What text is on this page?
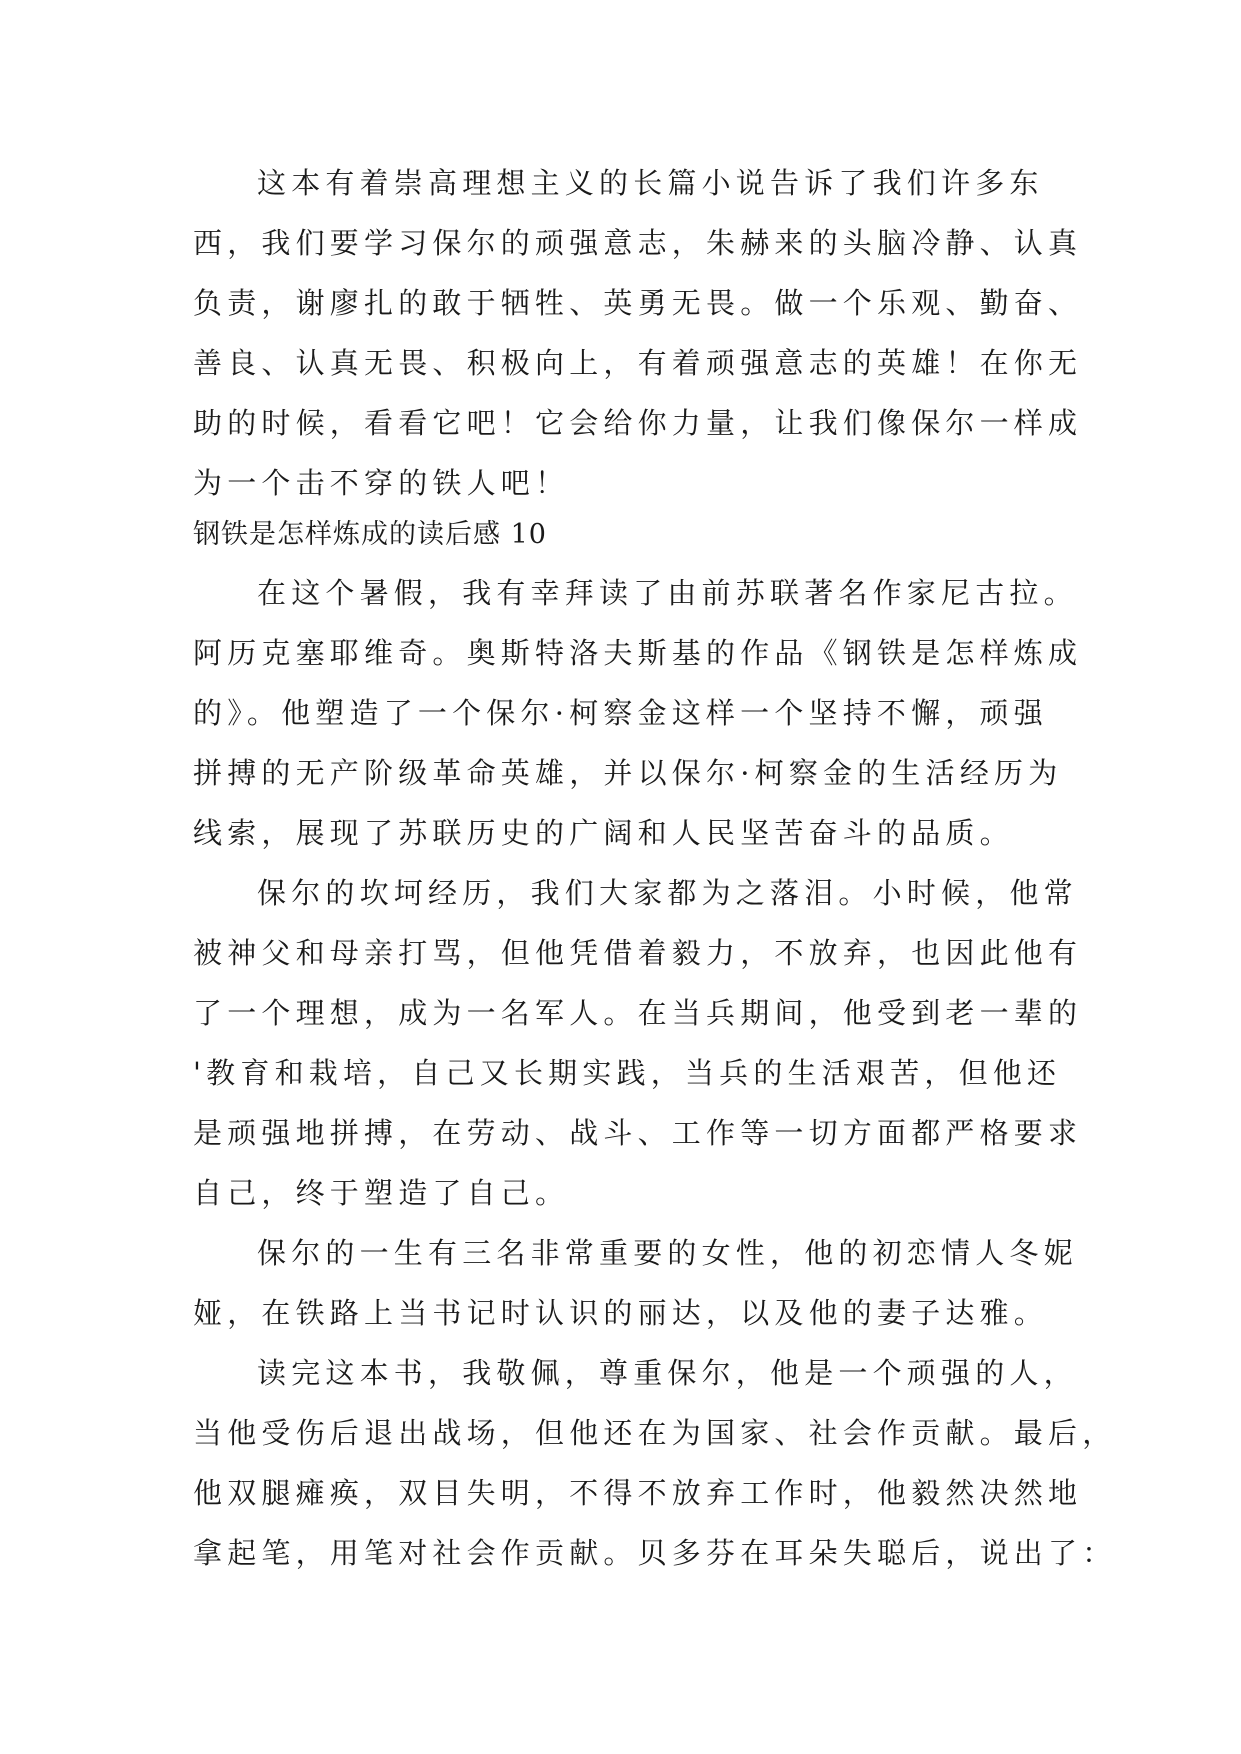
这本有着崇高理想主义的长篇小说告诉了我们许多东
西，我们要学习保尔的顽强意志，朱赫来的头脑冷静、认真
负责，谢廖扎的敢于牺牲、英勇无畏。做一个乐观、勤奋、
善良、认真无畏、积极向上，有着顽强意志的英雄！在你无
助的时候，看看它吧！它会给你力量，让我们像保尔一样成
为一个击不穿的铁人吧！
钢铁是怎样炼成的读后感 10
在这个暑假，我有幸拜读了由前苏联著名作家尼古拉。
阿历克塞耶维奇。奥斯特洛夫斯基的作品《钢铁是怎样炼成
的》。他塑造了一个保尔·柯察金这样一个坚持不懈，顽强
拼搏的无产阶级革命英雄，并以保尔·柯察金的生活经历为
线索，展现了苏联历史的广阔和人民坚苦奋斗的品质。
保尔的坎坷经历，我们大家都为之落泪。小时候，他常
被神父和母亲打骂，但他凭借着毅力，不放弃，也因此他有
了一个理想，成为一名军人。在当兵期间，他受到老一辈的
'教育和栽培，自己又长期实践，当兵的生活艰苦，但他还
是顽强地拼搏，在劳动、战斗、工作等一切方面都严格要求
自己，终于塑造了自己。
保尔的一生有三名非常重要的女性，他的初恋情人冬妮
娅，在铁路上当书记时认识的丽达，以及他的妻子达雅。
读完这本书，我敬佩，尊重保尔，他是一个顽强的人，
当他受伤后退出战场，但他还在为国家、社会作贡献。最后，
他双腿瘫痪，双目失明，不得不放弃工作时，他毅然决然地
拿起笔，用笔对社会作贡献。贝多芬在耳朵失聪后，说出了：
